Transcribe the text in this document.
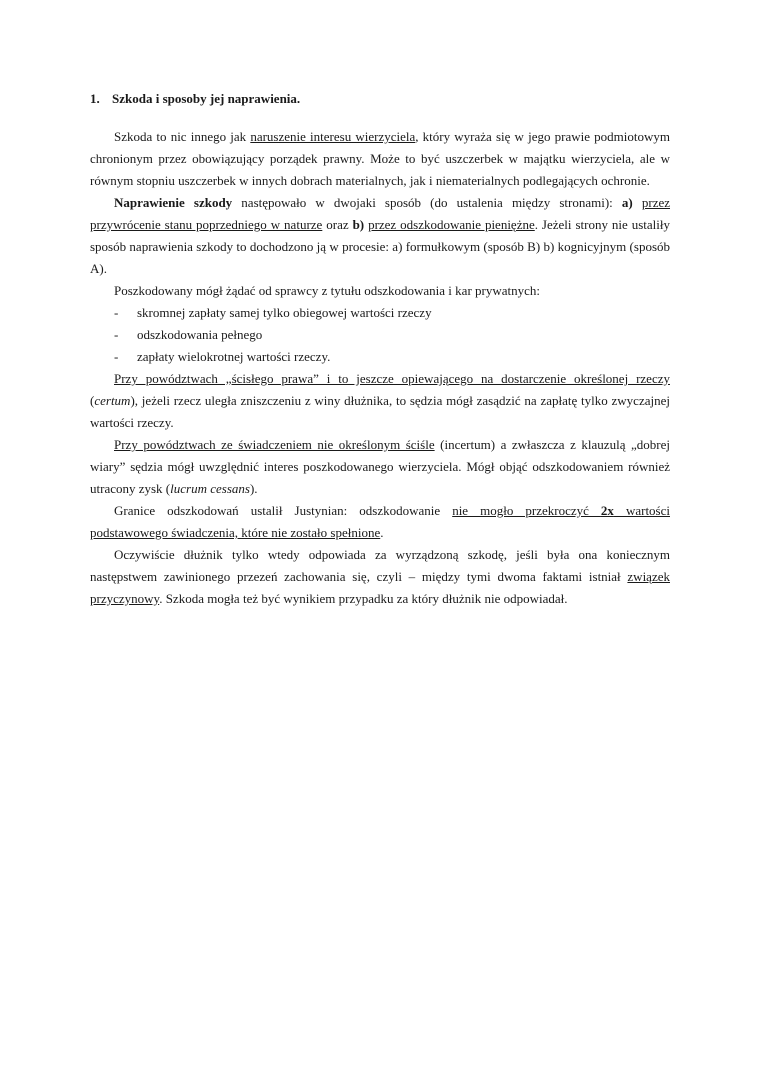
1. Szkoda i sposoby jej naprawienia.

Szkoda to nic innego jak naruszenie interesu wierzyciela, który wyraża się w jego prawie podmiotowym chronionym przez obowiązujący porządek prawny. Może to być uszczerbek w majątku wierzyciela, ale w równym stopniu uszczerbek w innych dobrach materialnych, jak i niematerialnych podlegających ochronie.

Naprawienie szkody następowało w dwojaki sposób (do ustalenia między stronami): a) przez przywrócenie stanu poprzedniego w naturze oraz b) przez odszkodowanie pieniężne. Jeżeli strony nie ustaliły sposób naprawienia szkody to dochodzono ją w procesie: a) formułkowym (sposób B) b) kognicyjnym (sposób A).

Poszkodowany mógł żądać od sprawcy z tytułu odszkodowania i kar prywatnych:

- skromnej zapłaty samej tylko obiegowej wartości rzeczy
- odszkodowania pełnego
- zapłaty wielokrotnej wartości rzeczy.

Przy powództwach „ścisłego prawa” i to jeszcze opiewającego na dostarczenie określonej rzeczy (certum), jeżeli rzecz uległa zniszczeniu z winy dłużnika, to sędzia mógł zasądzić na zapłatę tylko zwyczajnej wartości rzeczy.

Przy powództwach ze świadczeniem nie określonym ściśle (incertum) a zwłaszcza z klauzulą „dobrej wiary” sędzia mógł uwzględnić interes poszkodowanego wierzyciela. Mógł objąć odszkodowaniem również utracony zysk (lucrum cessans).

Granice odszkodowań ustalił Justynian: odszkodowanie nie mogło przekroczyć 2x wartości podstawowego świadczenia, które nie zostało spełnione.

Oczywiście dłużnik tylko wtedy odpowiada za wyrządzoną szkodę, jeśli była ona koniecznym następstwem zawinionego przezeń zachowania się, czyli – między tymi dwoma faktami istniał związek przyczynowy. Szkoda mogła też być wynikiem przypadku za który dłużnik nie odpowiadał.
